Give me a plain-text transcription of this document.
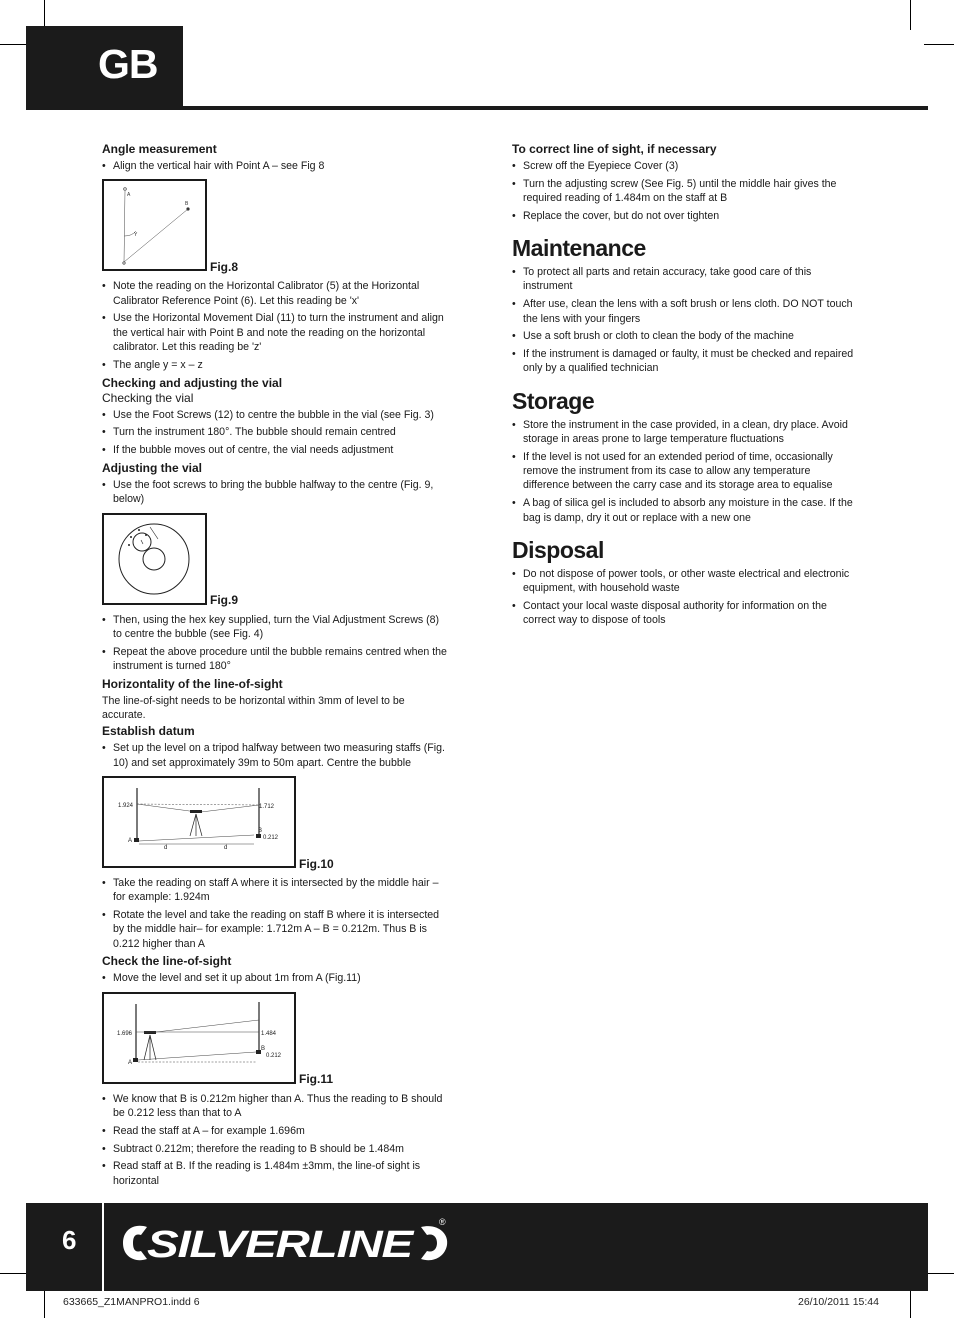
GB
Angle measurement
• Align the vertical hair with Point A – see Fig 8
A
B
Y
Fig.8
• Note the reading on the Horizontal Calibrator (5) at the Horizontal Calibrator Reference Point (6). Let this reading be 'x'
• Use the Horizontal Movement Dial (11) to turn the instrument and align the vertical hair with Point B and note the reading on the horizontal calibrator. Let this reading be 'z'
• The angle y = x – z
Checking and adjusting the vial
Checking the vial
• Use the Foot Screws (12) to centre the bubble in the vial (see Fig. 3)
• Turn the instrument 180°. The bubble should remain centred
• If the bubble moves out of centre, the vial needs adjustment
Adjusting the vial
• Use the foot screws to bring the bubble halfway to the centre (Fig. 9, below)
Fig.9
• Then, using the hex key supplied, turn the Vial Adjustment Screws (8) to centre the bubble (see Fig. 4)
• Repeat the above procedure until the bubble remains centred when the instrument is turned 180°
Horizontality of the line-of-sight

The line-of-sight needs to be horizontal within 3mm of level to be accurate.

Establish datum
• Set up the level on a tripod halfway between two measuring staffs (Fig. 10) and set approximately 39m to 50m apart. Centre the bubble
1.924	1.712
A
B
0.212
d	d
Fig.10
• Take the reading on staff A where it is intersected by the middle hair – for example: 1.924m
• Rotate the level and take the reading on staff B where it is intersected by the middle hair– for example: 1.712m A – B = 0.212m. Thus B is 0.212 higher than A
Check the line-of-sight
• Move the level and set it up about 1m from A (Fig.11)
1.696	1.484
A
B
0.212
Fig.11
• We know that B is 0.212m higher than A. Thus the reading to B should be 0.212 less than that to A
• Read the staff at A – for example 1.696m
• Subtract 0.212m; therefore the reading to B should be 1.484m
• Read staff at B. If the reading is 1.484m ±3mm, the line-of sight is horizontal
To correct line of sight, if necessary
• Screw off the Eyepiece Cover (3)
• Turn the adjusting screw (See Fig. 5) until the middle hair gives the required reading of 1.484m on the staff at B
• Replace the cover, but do not over tighten
Maintenance
• To protect all parts and retain accuracy, take good care of this instrument
• After use, clean the lens with a soft brush or lens cloth. DO NOT touch the lens with your fingers
• Use a soft brush or cloth to clean the body of the machine
• If the instrument is damaged or faulty, it must be checked and repaired only by a qualified technician
Storage
• Store the instrument in the case provided, in a clean, dry place. Avoid storage in areas prone to large temperature fluctuations
• If the level is not used for an extended period of time, occasionally remove the instrument from its case to allow any temperature difference between the carry case and its storage area to equalise
• A bag of silica gel is included to absorb any moisture in the case. If the bag is damp, dry it out or replace with a new one
Disposal
• Do not dispose of power tools, or other waste electrical and electronic equipment, with household waste
• Contact your local waste disposal authority for information on the correct way to dispose of tools
6 SILVERLINE
®
633665_Z1MANPRO1.indd 6	26/10/2011 15:44
